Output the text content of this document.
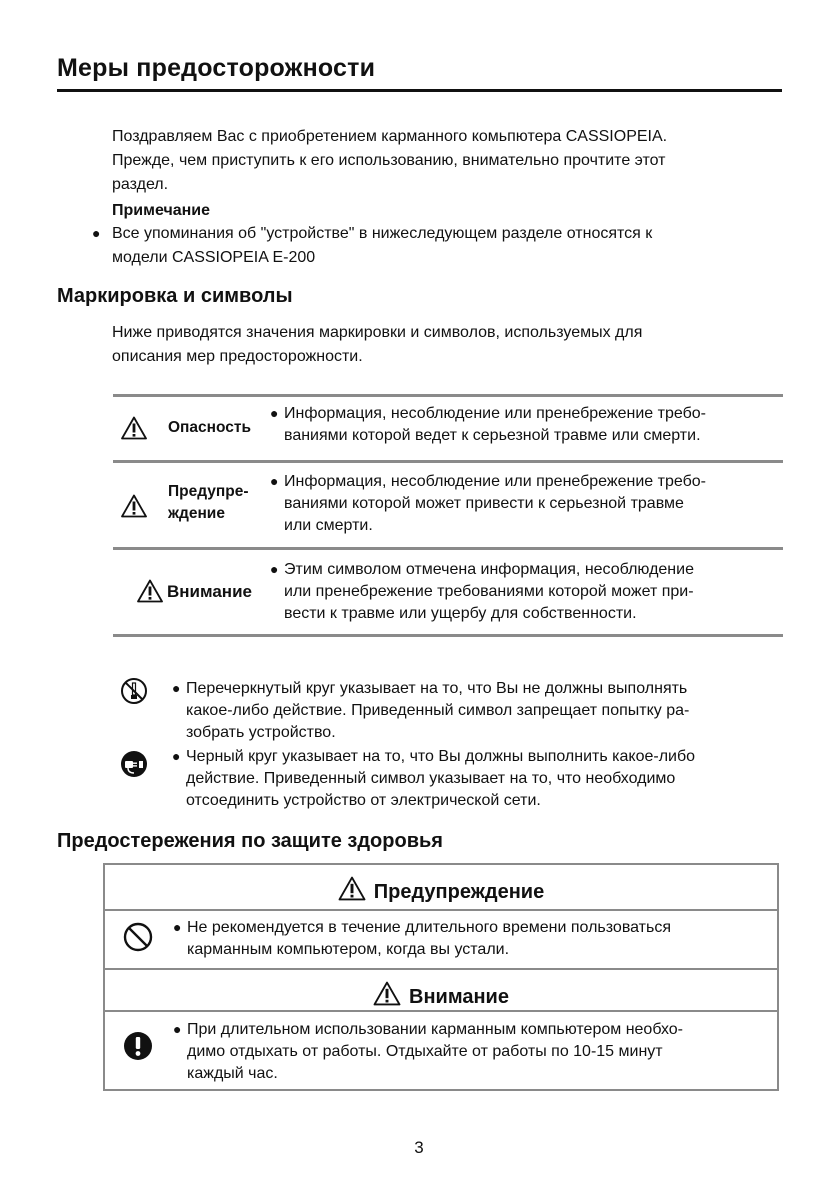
Меры предосторожности
Поздравляем Вас с приобретением карманного комьпютера CASSIOPEIA.
Прежде, чем приступить к его использованию, внимательно прочтите этот
раздел.
Примечание
● Все упоминания об "устройстве" в нижеследующем разделе относятся к
модели CASSIOPEIA E-200
Маркировка и символы
Ниже приводятся значения маркировки и символов, используемых для
описания мер предосторожности.
Опасность
● Информация, несоблюдение или пренебрежение требо-
ваниями которой ведет к серьезной травме или смерти.
Предупре-
ждение
● Информация, несоблюдение или пренебрежение требо-
ваниями которой может привести к серьезной травме
или смерти.
Внимание
● Этим символом отмечена информация, несоблюдение
или пренебрежение требованиями которой может при-
вести к травме или ущербу для собственности.
● Перечеркнутый круг указывает на то, что Вы не должны выполнять
какое-либо действие. Приведенный символ запрещает попытку ра-
зобрать устройство.
● Черный круг указывает на то, что Вы должны выполнить какое-либо
действие. Приведенный символ указывает на то, что необходимо
отсоединить устройство от электрической сети.
Предостережения по защите здоровья
Предупреждение
● Не рекомендуется в течение длительного времени пользоваться
карманным компьютером, когда вы устали.
Внимание
● При длительном использовании карманным компьютером необхо-
димо отдыхать от работы. Отдыхайте от работы по 10-15 минут
каждый час.
3
